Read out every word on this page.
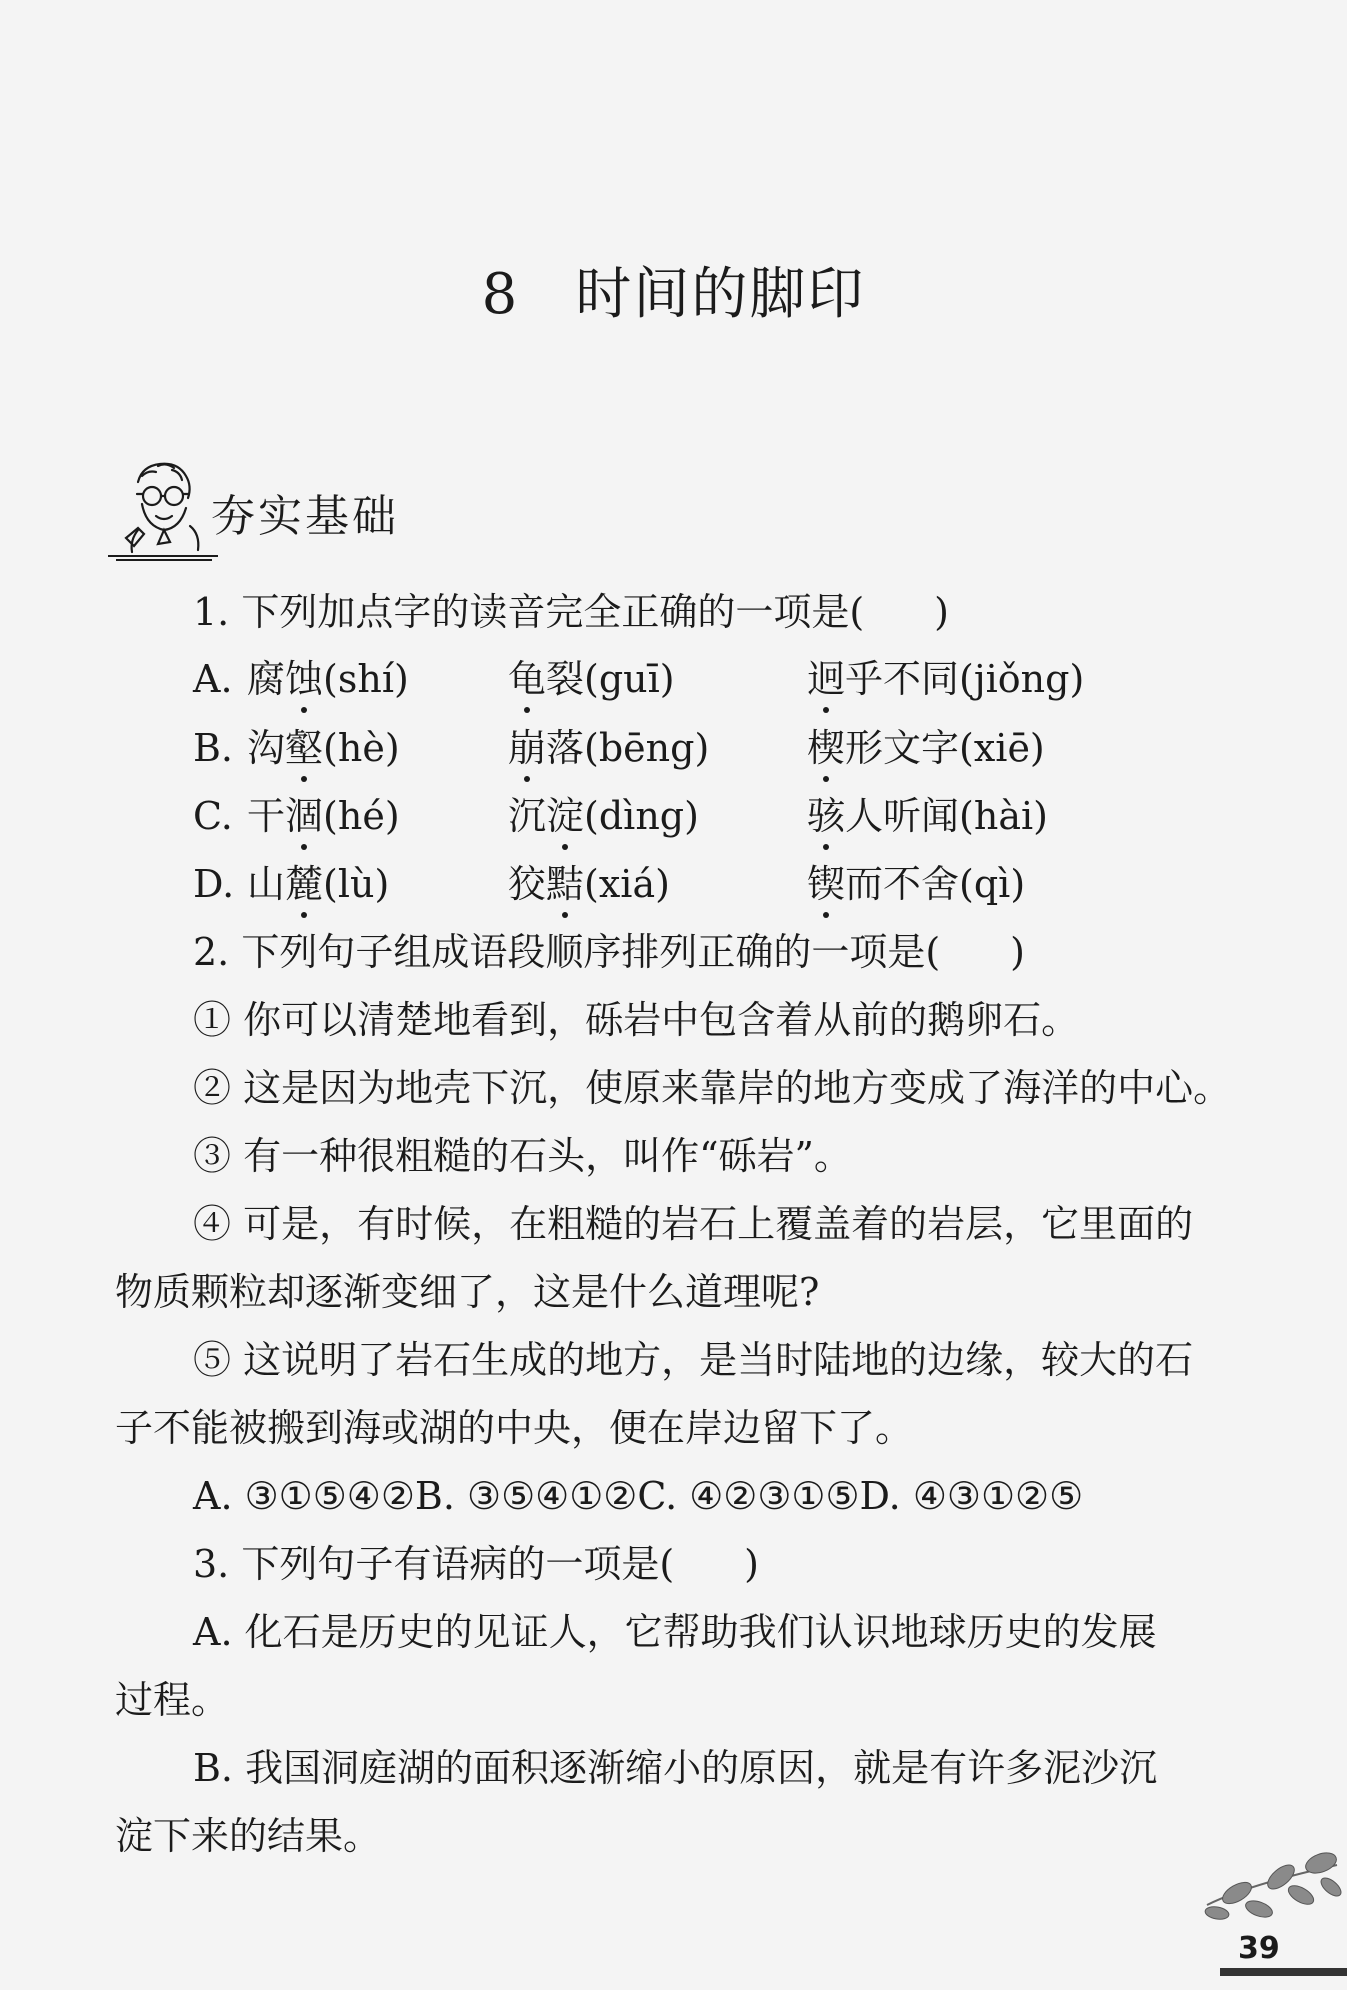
8 时间的脚印
夯实基础
1. 下列加点字的读音完全正确的一项是( )
A. 腐蚀(shí)	龟裂(guī)	迥乎不同(jiǒng)
B. 沟壑(hè)	崩落(bēng)	楔形文字(xiē)
C. 干涸(hé)	沉淀(dìng)	骇人听闻(hài)
D. 山麓(lù)	狡黠(xiá)	锲而不舍(qì)
2. 下列句子组成语段顺序排列正确的一项是( )
① 你可以清楚地看到，砾岩中包含着从前的鹅卵石。
② 这是因为地壳下沉，使原来靠岸的地方变成了海洋的中心。
③ 有一种很粗糙的石头，叫作“砾岩”。
④ 可是，有时候，在粗糙的岩石上覆盖着的岩层，它里面的
物质颗粒却逐渐变细了，这是什么道理呢?
⑤ 这说明了岩石生成的地方，是当时陆地的边缘，较大的石
子不能被搬到海或湖的中央，便在岸边留下了。
A. ③①⑤④②B. ③⑤④①②C. ④②③①⑤D. ④③①②⑤
3. 下列句子有语病的一项是( )
A. 化石是历史的见证人，它帮助我们认识地球历史的发展
过程。
B. 我国洞庭湖的面积逐渐缩小的原因，就是有许多泥沙沉
淀下来的结果。
39
